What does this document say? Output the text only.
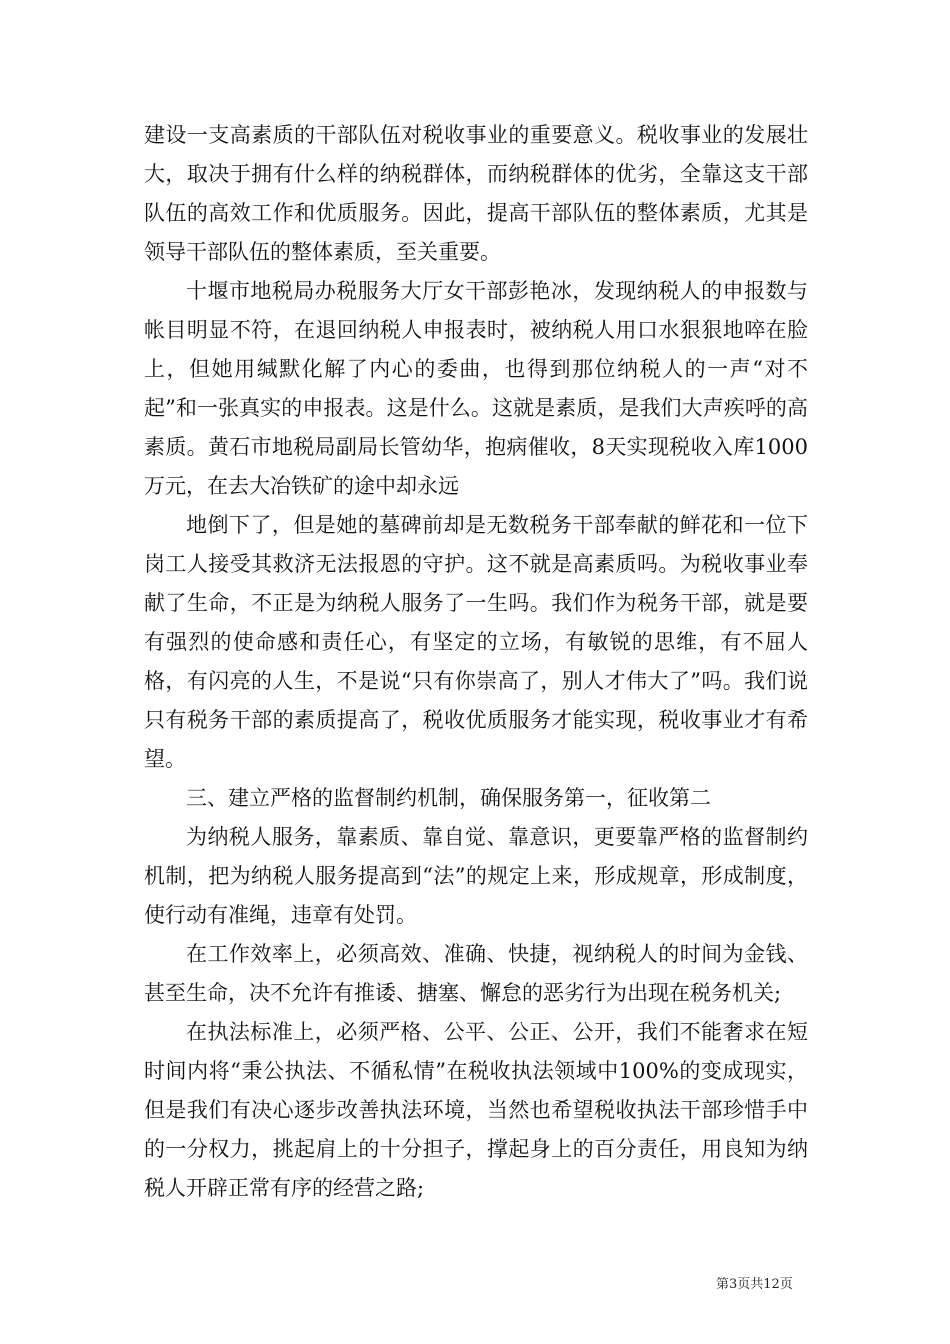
建设一支高素质的干部队伍对税收事业的重要意义。税收事业的发展壮大，取决于拥有什么样的纳税群体，而纳税群体的优劣，全靠这支干部队伍的高效工作和优质服务。因此，提高干部队伍的整体素质，尤其是领导干部队伍的整体素质，至关重要。

十堰市地税局办税服务大厅女干部彭艳冰，发现纳税人的申报数与帐目明显不符，在退回纳税人申报表时，被纳税人用口水狠狠地啐在脸上，但她用缄默化解了内心的委曲，也得到那位纳税人的一声“对不起”和一张真实的申报表。这是什么。这就是素质，是我们大声疾呼的高素质。黄石市地税局副局长管幼华，抱病催收，8天实现税收入库1000万元，在去大冶铁矿的途中却永远

地倒下了，但是她的墓碑前却是无数税务干部奉献的鲜花和一位下岗工人接受其救济无法报恩的守护。这不就是高素质吗。为税收事业奉献了生命，不正是为纳税人服务了一生吗。我们作为税务干部，就是要有强烈的使命感和责任心，有坚定的立场，有敏锐的思维，有不屈人格，有闪亮的人生，不是说“只有你崇高了，别人才伟大了”吗。我们说只有税务干部的素质提高了，税收优质服务才能实现，税收事业才有希望。

三、建立严格的监督制约机制，确保服务第一，征收第二

为纳税人服务，靠素质、靠自觉、靠意识，更要靠严格的监督制约机制，把为纳税人服务提高到“法”的规定上来，形成规章，形成制度，使行动有准绳，违章有处罚。

在工作效率上，必须高效、准确、快捷，视纳税人的时间为金钱、甚至生命，决不允许有推诿、搪塞、懈怠的恶劣行为出现在税务机关;

在执法标准上，必须严格、公平、公正、公开，我们不能奢求在短时间内将“秉公执法、不循私情”在税收执法领域中100%的变成现实，但是我们有决心逐步改善执法环境，当然也希望税收执法干部珍惜手中的一分权力，挑起肩上的十分担子，撑起身上的百分责任，用良知为纳税人开辟正常有序的经营之路;

第3页共12页
